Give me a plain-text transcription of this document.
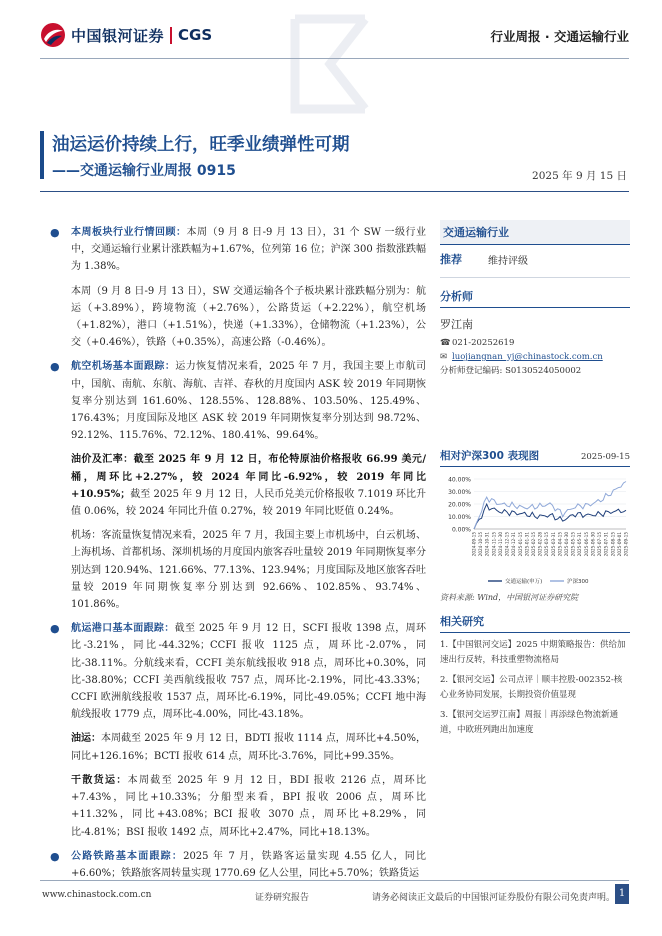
中国银河证券 CGS	行业周报 · 交通运输行业
油运运价持续上行，旺季业绩弹性可期
——交通运输行业周报 0915	2025 年 9 月 15 日
● 本周板块行业行情回顾：本周（9 月 8 日-9 月 13 日），31 个 SW 一级行业中，交通运输行业累计涨跌幅为+1.67%，位列第 16 位；沪深 300 指数涨跌幅为 1.38%。
本周（9 月 8 日-9 月 13 日），SW 交通运输各个子板块累计涨跌幅分别为：航运（+3.89%），跨境物流（+2.76%），公路货运（+2.22%），航空机场（+1.82%），港口（+1.51%），快递（+1.33%），仓储物流（+1.23%），公交（+0.46%），铁路（+0.35%），高速公路（-0.46%）。
● 航空机场基本面跟踪：运力恢复情况来看，2025 年 7 月，我国主要上市航司中，国航、南航、东航、海航、吉祥、春秋的月度国内 ASK 较 2019 年同期恢复率分别达到 161.60%、128.55%、128.88%、103.50%、125.49%、176.43%；月度国际及地区 ASK 较 2019 年同期恢复率分别达到 98.72%、92.12%、115.76%、72.12%、180.41%、99.64%。
油价及汇率：截至 2025 年 9 月 12 日，布伦特原油价格报收 66.99 美元/桶，周环比+2.27%，较 2024 年同比-6.92%，较 2019 年同比+10.95%；截至 2025 年 9 月 12 日，人民币兑美元价格报收 7.1019 环比升值 0.06%，较 2024 年同比升值 0.27%，较 2019 年同比贬值 0.24%。
机场：客流量恢复情况来看，2025 年 7 月，我国主要上市机场中，白云机场、上海机场、首都机场、深圳机场的月度国内旅客吞吐量较 2019 年同期恢复率分别达到 120.94%、121.66%、77.13%、123.94%；月度国际及地区旅客吞吐量较 2019 年同期恢复率分别达到 92.66%、102.85%、93.74%、101.86%。
● 航运港口基本面跟踪：截至 2025 年 9 月 12 日，SCFI 报收 1398 点，周环比-3.21%，同比-44.32%；CCFI 报收 1125 点，周环比-2.07%，同比-38.11%。分航线来看，CCFI 美东航线报收 918 点，周环比+0.30%，同比-38.80%；CCFI 美西航线报收 757 点，周环比-2.19%，同比-43.33%；CCFI 欧洲航线报收 1537 点，周环比-6.19%，同比-49.05%；CCFI 地中海航线报收 1779 点，周环比-4.00%，同比-43.18%。
油运：本周截至 2025 年 9 月 12 日，BDTI 报收 1114 点，周环比+4.50%，同比+126.16%；BCTI 报收 614 点，周环比-3.76%，同比+99.35%。
干散货运：本周截至 2025 年 9 月 12 日，BDI 报收 2126 点，周环比+7.43%，同比+10.33%；分船型来看，BPI 报收 2006 点，周环比+11.32%，同比+43.08%；BCI 报收 3070 点，周环比+8.29%，同比-4.81%；BSI 报收 1492 点，周环比+2.47%，同比+18.13%。
● 公路铁路基本面跟踪：2025 年 7 月，铁路客运量实现 4.55 亿人，同比+6.60%；铁路旅客周转量实现 1770.69 亿人公里，同比+5.70%；铁路货运
交通运输行业
推荐	维持评级
分析师
罗江南
☎021-20252619
✉ luojiangnan_yj@chinastock.com.cn
分析师登记编码: S0130524050002
相对沪深300 表现图	2025-09-15
40.00%
30.00%
20.00%
10.00%
0.00%
2024-09-15 2024-10-15 2024-10-31 2024-11-15 2024-11-30 2024-12-15 2024-12-31 2025-01-15 2025-01-31 2025-02-15 2025-02-28 2025-03-15 2025-03-31 2025-04-15 2025-04-30 2025-05-15 2025-05-31 2025-06-15 2025-06-30 2025-07-15 2025-07-31 2025-08-15 2025-09-01 2025-09-15
交通运输(申万)	沪深300
资料来源: Wind，中国银河证券研究院
相关研究
1.【中国银河交运】2025 中期策略报告：供给加速出行反转，科技重塑物流格局
2.【银河交运】公司点评｜顺丰控股-002352-核心业务协同发展，长期投资价值显现
3.【银河交运罗江南】周报｜再添绿色物流新通道，中欧班列跑出加速度
www.chinastock.com.cn	证券研究报告	请务必阅读正文最后的中国银河证券股份有限公司免责声明。 1
